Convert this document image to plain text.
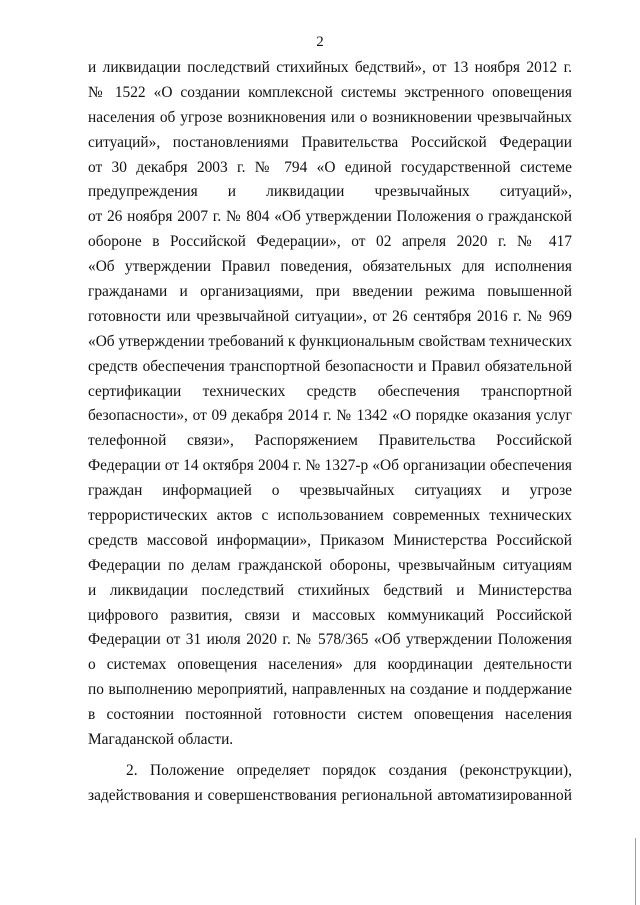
2
и ликвидации последствий стихийных бедствий», от 13 ноября 2012 г.
№ 1522 «О создании комплексной системы экстренного оповещения
населения об угрозе возникновения или о возникновении чрезвычайных
ситуаций», постановлениями Правительства Российской Федерации
от 30 декабря 2003 г. № 794 «О единой государственной системе
предупреждения и ликвидации чрезвычайных ситуаций»,
от 26 ноября 2007 г. № 804 «Об утверждении Положения о гражданской
обороне в Российской Федерации», от 02 апреля 2020 г. № 417
«Об утверждении Правил поведения, обязательных для исполнения
гражданами и организациями, при введении режима повышенной
готовности или чрезвычайной ситуации», от 26 сентября 2016 г. № 969
«Об утверждении требований к функциональным свойствам технических
средств обеспечения транспортной безопасности и Правил обязательной
сертификации технических средств обеспечения транспортной
безопасности», от 09 декабря 2014 г. № 1342 «О порядке оказания услуг
телефонной связи», Распоряжением Правительства Российской
Федерации от 14 октября 2004 г. № 1327-р «Об организации обеспечения
граждан информацией о чрезвычайных ситуациях и угрозе
террористических актов с использованием современных технических
средств массовой информации», Приказом Министерства Российской
Федерации по делам гражданской обороны, чрезвычайным ситуациям
и ликвидации последствий стихийных бедствий и Министерства
цифрового развития, связи и массовых коммуникаций Российской
Федерации от 31 июля 2020 г. № 578/365 «Об утверждении Положения
о системах оповещения населения» для координации деятельности
по выполнению мероприятий, направленных на создание и поддержание
в состоянии постоянной готовности систем оповещения населения
Магаданской области.
2. Положение определяет порядок создания (реконструкции),
задействования и совершенствования региональной автоматизированной
